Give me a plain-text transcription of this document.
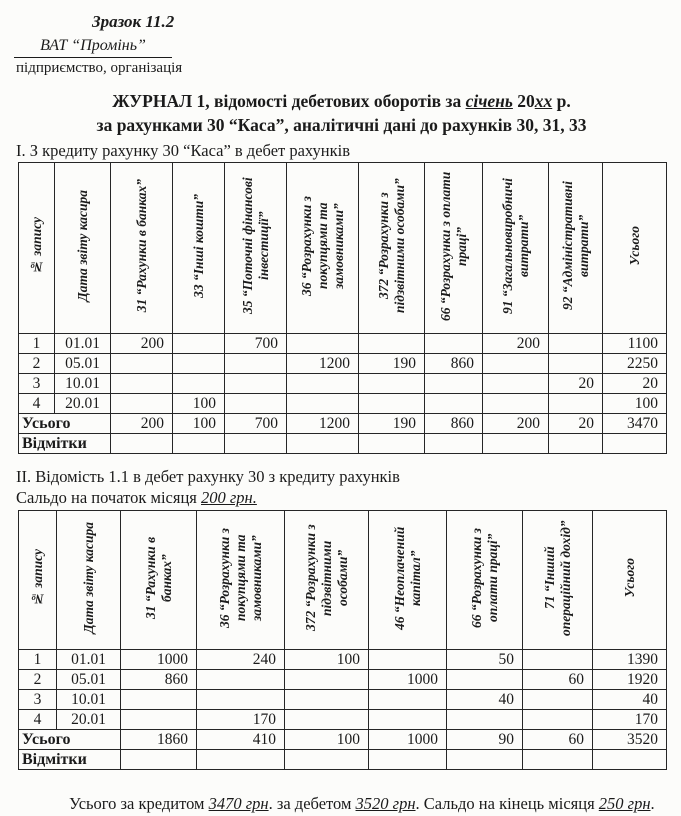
Зразок 11.2
ВАТ “Промінь”
підприємство, організація
ЖУРНАЛ 1, відомості дебетових оборотів за січень 20хх р.
за рахунками 30 “Каса”, аналітичні дані до рахунків 30, 31, 33
I. З кредиту рахунку 30 “Каса” в дебет рахунків
№ запису	Дата звіту касира	31 “Рахунки в банках”	33 “Інші кошти”	35 “Поточні фінансові інвестиції”	36 “Розрахунки з покупцями та замовниками”	372 “Розрахунки з підзвітними особами”	66 “Розрахунки з оплати праці”	91 “Загальновиробничі витрати”	92 “Адміністративні витрати”	Усього
1	01.01	200		700				200		1100
2	05.01				1200	190	860			2250
3	10.01								20	20
4	20.01		100							100
Усього		200	100	700	1200	190	860	200	20	3470
Відмітки										
II. Відомість 1.1 в дебет рахунку 30 з кредиту рахунків
Сальдо на початок місяця 200 грн.
№ запису	Дата звіту касира	31 “Рахунки в банках”	36 “Розрахунки з покупцями та замовниками”	372 “Розрахунки з підзвітними особами”	46 “Неоплачений капітал”	66 “Розрахунки з оплати праці”	71 “Інший операційний дохід”	Усього
1	01.01	1000	240	100		50		1390
2	05.01	860			1000		60	1920
3	10.01					40		40
4	20.01		170					170
Усього		1860	410	100	1000	90	60	3520
Відмітки								
Усього за кредитом 3470 грн. за дебетом 3520 грн. Сальдо на кінець місяця 250 грн.
